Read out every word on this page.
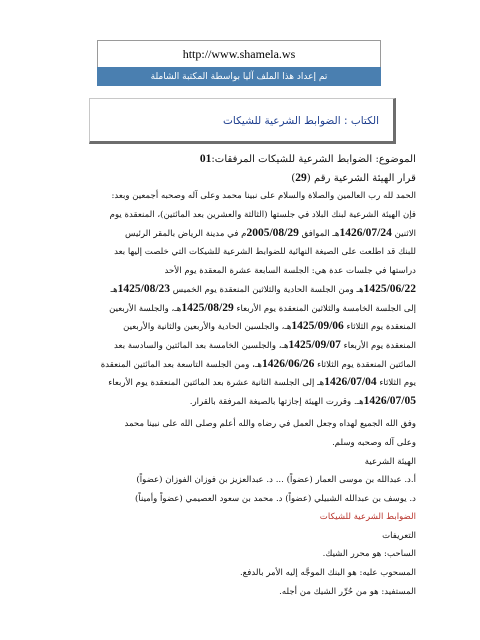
http://www.shamela.ws
تم إعداد هذا الملف آليا بواسطة المكتبة الشاملة
الكتاب : الضوابط الشرعية للشيكات
الموضوع: الضوابط الشرعية للشيكات المرفقات:01
قرار الهيئة الشرعية رقم (29)
الحمد لله رب العالمين والصلاة والسلام على نبينا محمد وعلى آله وصحبه أجمعين وبعد:
فإن الهيئة الشرعية لبنك البلاد في جلستها (الثالثة والعشرين بعد المائتين)، المنعقدة يوم
الاثنين 1426/07/24هـ الموافق 2005/08/29م في مدينة الرياض بالمقر الرئيس
للبنك قد اطلعت على الصيغة النهائية للضوابط الشرعية للشيكات التي خلصت إليها بعد
دراستها في جلسات عدة هي: الجلسة السابعة عشرة المعقدة يوم الأحد
1425/06/22هـ ومن الجلسة الحادية والثلاثين المنعقدة يوم الخميس 1425/08/23هـ
إلى الجلسة الخامسة والثلاثين المنعقدة يوم الأربعاء 1425/08/29هـ، والجلسة الأربعين
المنعقدة يوم الثلاثاء 1425/09/06هـ، والجلسين الحادية والأربعين والثانية والأربعين
المنعقدة يوم الأربعاء 1425/09/07هـ، والجلسين الخامسة بعد المائتين والسادسة بعد
المائتين المنعقدة يوم الثلاثاء 1426/06/26هـ، ومن الجلسة التاسعة بعد المائتين المنعقدة
يوم الثلاثاء 1426/07/04هـ إلى الجلسة الثانية عشرة بعد المائتين المنعقدة يوم الأربعاء
1426/07/05هـ. وقررت الهيئة إجازتها بالصيغة المرفقة بالقرار.
وفق الله الجميع لهداه وجعل العمل في رضاه والله أعلم وصلى الله على نبينا محمد
وعلى آله وصحبه وسلم.
الهيئة الشرعية
أ.د. عبدالله بن موسى العمار (عضواً) ... د. عبدالعزيز بن فوزان الفوزان (عضواً)
د. يوسف بن عبدالله الشبيلي (عضواً) د. محمد بن سعود العصيمي (عضواً وأميناً)
الضوابط الشرعية للشيكات
التعريفات
الساحب: هو محرر الشيك.
المسحوب عليه: هو البنك الموجَّه إليه الأمر بالدفع.
المستفيد: هو من حُرِّر الشيك من أجله.
